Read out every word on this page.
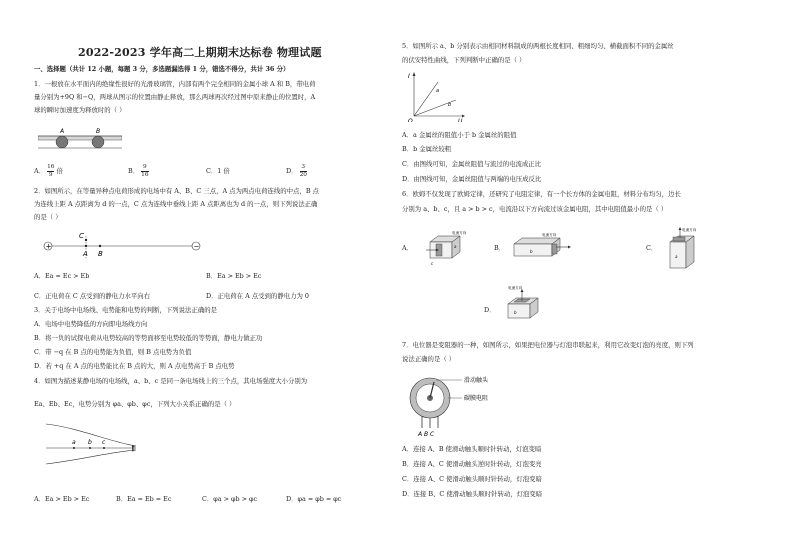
2022-2023 学年高二上期期末达标卷 物理试题
一、选择题（共计 12 小题，每题 3 分，多选题漏选得 1 分，错选不得分，共计 36 分）
1．一根放在水平面内的绝缘性很好的光滑玻璃管，内部有两个完全相同的金属小球 A 和 B，带电荷
量分别为+9Q 和−Q，两球从图示的位置由静止释放，那么两球再次经过图中原来静止的位置时，A
球的瞬时加速度为释放时的（ ）
A	B
A． $\frac{16}{9}$ 倍	B． $\frac{9}{16}$	C．1 倍	D． $\frac{3}{20}$
2．如图所示，在等量异种点电荷形成的电场中有 A、B、C 三点，A 点为两点电荷连线的中点，B 点
为连线上距 A 点距离为 d 的一点，C 点为连线中垂线上距 A 点距离也为 d 的一点，则下列说法正确
的是（ ）
+	−
C
A B
A．Ea = Ec > Eb	B．Ea > Eb > Ec
C．正电荷在 C 点受到的静电力水平向右	D．正电荷在 A 点受到的静电力为 0
3．关于电场中电场线、电势能和电势的判断，下列说法正确的是
A．电场中电势降低的方向即电场线方向
B．将一负的试探电荷从电势较高的等势面移至电势较低的等势面，静电力做正功
C．带 −q 在 B 点的电势能为负值，则 B 点电势为负值
D．若 +q 在 A 点的电势能比在 B 点的大，则 A 点电势高于 B 点电势
4．如图为描述某静电场的电场线，a、b、c 是同一条电场线上的三个点，其电场强度大小分别为
Ea、Eb、Ec，电势分别为 φa、φb、φc，下列大小关系正确的是（ ）
a b c
A．Ea > Eb > Ec	B．Ea = Eb = Ec	C．φa > φb > φc	D．φa = φb = φc
5．如图所示 a、b 分别表示由相同材料制成的两根长度相同、粗细均匀、横截面积不同的金属丝
的伏安特性曲线，下列判断中正确的是（ ）
I
U
O
a
b
A．a 金属丝的阻值小于 b 金属丝的阻值
B．b 金属丝较粗
C．由图线可知，金属丝阻值与流过的电流成正比
D．由图线可知，金属丝阻值与两端的电压成反比
6．欧姆不仅发现了欧姆定律，还研究了电阻定律，有一个长方体的金属电阻，材料分布均匀，边长
分别为 a、b、c，且 a > b > c，电流沿以下方向流过该金属电阻，其中电阻值最小的是（ ）
A．
电流方向
a
c
B．
电流方向
b	C．
电流方向
a
D．
电流方向
b
7．电位器是变阻器的一种，如图所示，如果把电位器与灯泡串联起来，利用它改变灯泡的亮度，则下列
说法正确的是（ ）
滑动触头
碳膜电阻
A B C
A．连接 A、B 使滑动触头顺时针转动，灯泡变暗
B．连接 A、C 使滑动触头逆时针转动，灯泡变亮
C．连接 A、C 使滑动触头顺时针转动，灯泡变暗
D．连接 B、C 使滑动触头顺时针转动，灯泡变暗
